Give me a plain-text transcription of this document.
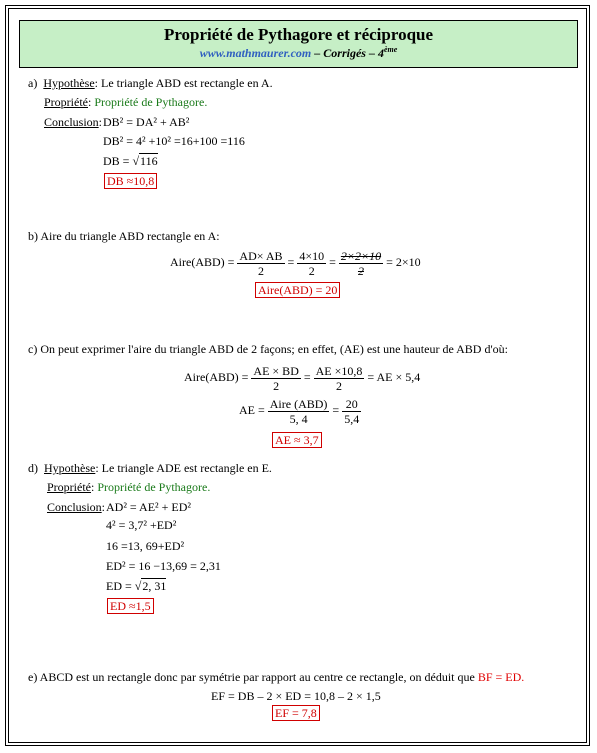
Propriété de Pythagore et réciproque
www.mathmaurer.com – Corrigés – 4ème
a) Hypothèse: Le triangle ABD est rectangle en A.
Propriété: Propriété de Pythagore.
Conclusion: DB² = DA² + AB²
DB² = 4² +10² =16+100 =116
DB = √116
DB ≈10,8
b) Aire du triangle ABD rectangle en A:
Aire(ABD) = $\frac{AD\times AB}{2} = \frac{4\times 10}{2} = \frac{2\times 2\times 10}{2} = 2\times 10$
Aire(ABD) = 20
c) On peut exprimer l'aire du triangle ABD de 2 façons; en effet, (AE) est une hauteur de ABD d'où:
Aire(ABD) = $\frac{AE \times BD}{2} = \frac{AE \times 10,8}{2}$ = AE × 5,4
AE = $\frac{\text{Aire (ABD)}}{5, 4} = \frac{20}{5,4}$
AE ≈ 3,7
d) Hypothèse: Le triangle ADE est rectangle en E.
Propriété: Propriété de Pythagore.
Conclusion: AD² = AE² + ED²
4² = 3,7² +ED²
16 =13, 69+ED²
ED² = 16 −13,69 = 2,31
ED = √2, 31
ED ≈1,5
e) ABCD est un rectangle donc par symétrie par rapport au centre ce rectangle, on déduit que BF = ED.
EF = DB – 2 × ED = 10,8 – 2 × 1,5
EF = 7,8
